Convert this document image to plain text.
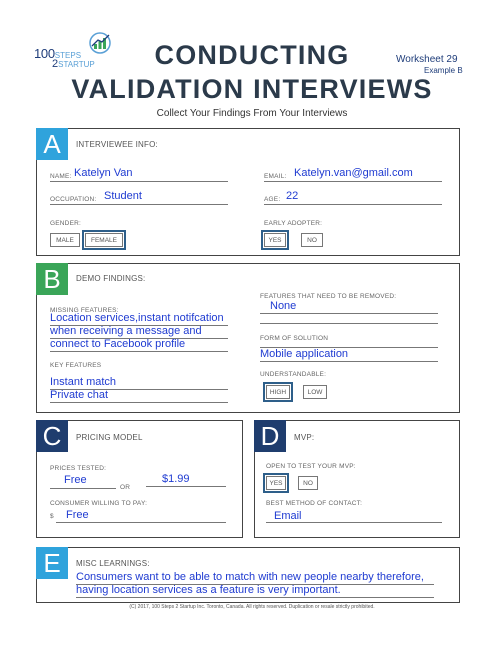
100STEPS
2STARTUP	CONDUCTING
VALIDATION INTERVIEWS
Collect Your Findings From Your Interviews
Worksheet 29
Example B
A	INTERVIEWEE INFO:
NAME: Katelyn Van	EMAIL: Katelyn.van@gmail.com
OCCUPATION: Student	AGE: 22
GENDER:
MALE	FEMALE
EARLY ADOPTER:
YES	NO
B	DEMO FINDINGS:
MISSING FEATURES:
Location services,instant notifcation
when receiving a message and
connect to Facebook profile
KEY FEATURES
Instant match
Private chat
FEATURES THAT NEED TO BE REMOVED:
None
FORM OF SOLUTION
Mobile application
UNDERSTANDABLE:
HIGH	LOW
C	PRICING MODEL
PRICES TESTED:
Free
OR
$1.99
CONSUMER WILLING TO PAY:
$ Free
D	MVP:
OPEN TO TEST YOUR MVP:
YES	NO
BEST METHOD OF CONTACT:
Email
E	MISC LEARNINGS:
Consumers want to be able to match with new people nearby therefore,
having location services as a feature is very important.
(C) 2017, 100 Steps 2 Startup Inc. Toronto, Canada. All rights reserved. Duplication or resale strictly prohibited.
